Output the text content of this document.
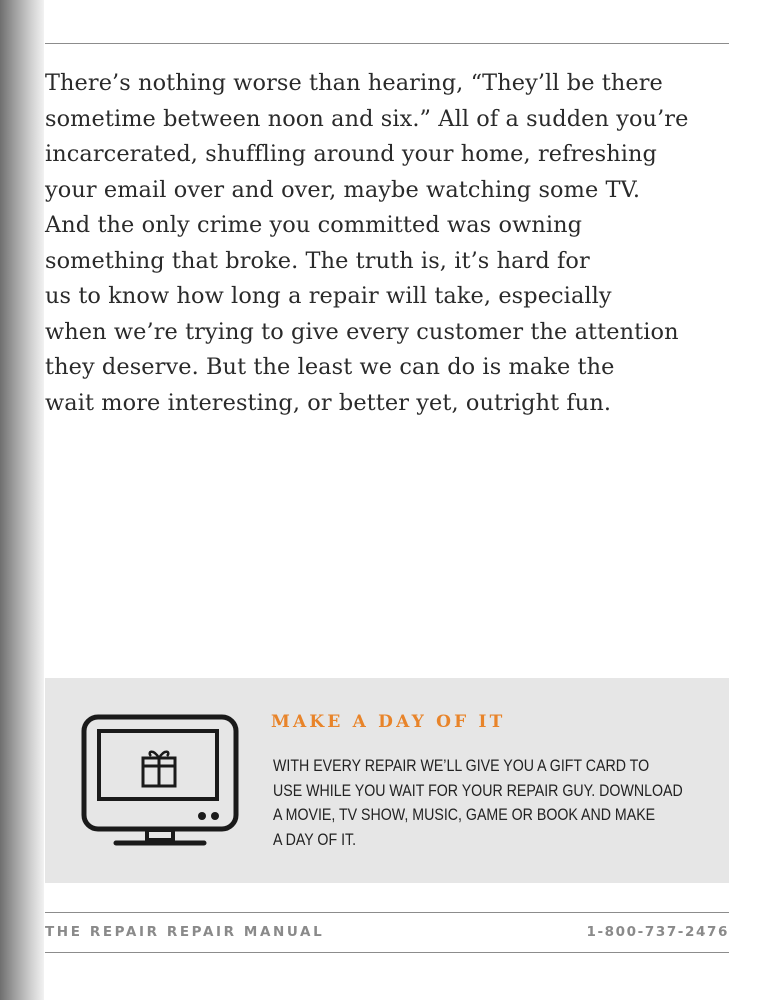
There’s nothing worse than hearing, “They’ll be there
sometime between noon and six.” All of a sudden you’re
incarcerated, shuffling around your home, refreshing
your email over and over, maybe watching some TV.
And the only crime you committed was owning
something that broke. The truth is, it’s hard for
us to know how long a repair will take, especially
when we’re trying to give every customer the attention
they deserve. But the least we can do is make the
wait more interesting, or better yet, outright fun.

MAKE A DAY OF IT

WITH EVERY REPAIR WE’LL GIVE YOU A GIFT CARD TO
USE WHILE YOU WAIT FOR YOUR REPAIR GUY. DOWNLOAD
A MOVIE, TV SHOW, MUSIC, GAME OR BOOK AND MAKE
A DAY OF IT.

THE REPAIR REPAIR MANUAL	1-800-737-2476
